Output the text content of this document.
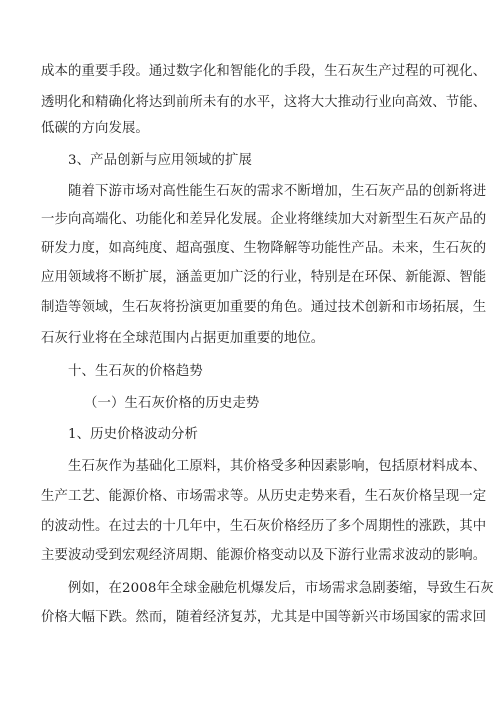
成本的重要手段。通过数字化和智能化的手段，生石灰生产过程的可视化、
透明化和精确化将达到前所未有的水平，这将大大推动行业向高效、节能、
低碳的方向发展。
3、产品创新与应用领域的扩展
随着下游市场对高性能生石灰的需求不断增加，生石灰产品的创新将进
一步向高端化、功能化和差异化发展。企业将继续加大对新型生石灰产品的
研发力度，如高纯度、超高强度、生物降解等功能性产品。未来，生石灰的
应用领域将不断扩展，涵盖更加广泛的行业，特别是在环保、新能源、智能
制造等领域，生石灰将扮演更加重要的角色。通过技术创新和市场拓展，生
石灰行业将在全球范围内占据更加重要的地位。
十、生石灰的价格趋势
（一）生石灰价格的历史走势
1、历史价格波动分析
生石灰作为基础化工原料，其价格受多种因素影响，包括原材料成本、
生产工艺、能源价格、市场需求等。从历史走势来看，生石灰价格呈现一定
的波动性。在过去的十几年中，生石灰价格经历了多个周期性的涨跌，其中
主要波动受到宏观经济周期、能源价格变动以及下游行业需求波动的影响。
例如，在2008年全球金融危机爆发后，市场需求急剧萎缩，导致生石灰
价格大幅下跌。然而，随着经济复苏，尤其是中国等新兴市场国家的需求回
